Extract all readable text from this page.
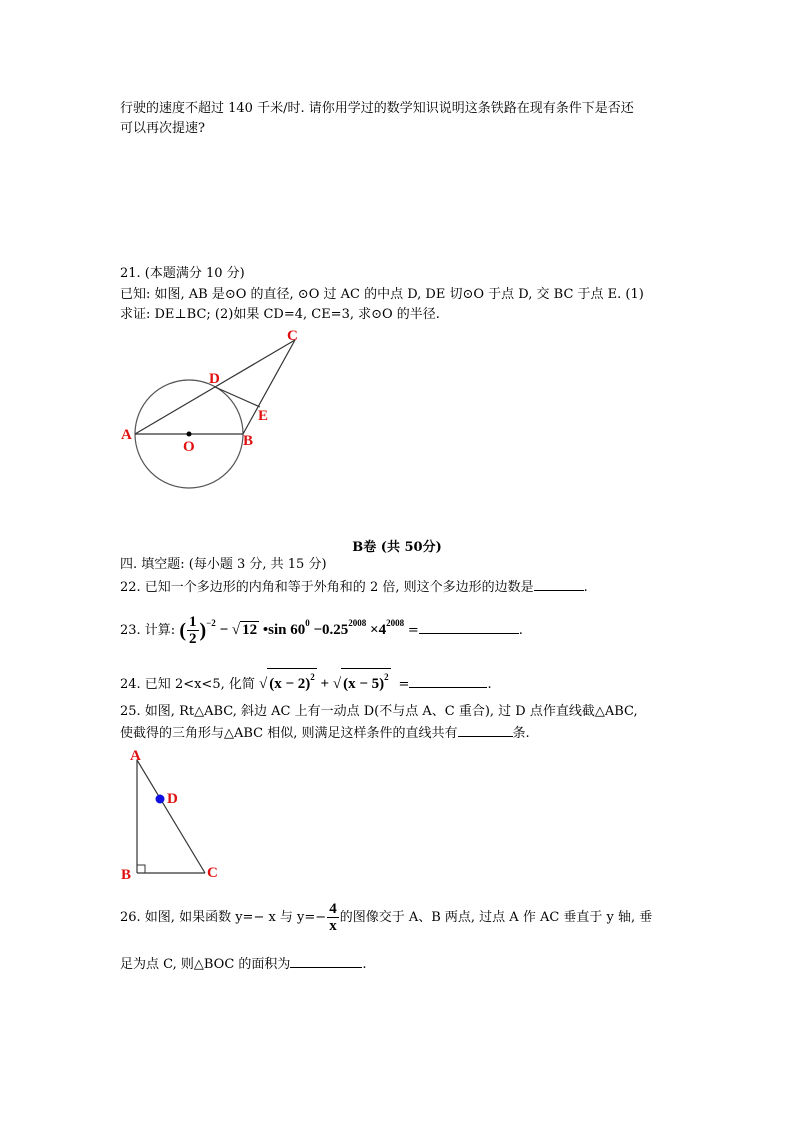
行驶的速度不超过 140 千米/时. 请你用学过的数学知识说明这条铁路在现有条件下是否还
可以再次提速?
21. (本题满分 10 分)
已知: 如图, AB 是⊙O 的直径, ⊙O 过 AC 的中点 D, DE 切⊙O 于点 D, 交 BC 于点 E. (1)
求证: DE⊥BC; (2)如果 CD=4, CE=3, 求⊙O 的半径.
A	B
C
D
E
O
B卷 (共 50分)
四. 填空题: (每小题 3 分, 共 15 分)
22. 已知一个多边形的内角和等于外角和的 2 倍, 则这个多边形的边数是	.
23. 计算: ( $\frac{1}{2} )^{-2}$ − √ 12 •sin $60^0 -0.25^{2008} \times 4^{2008}$ =	.
24. 已知 2<x<5, 化简 √ $(x - 2)^2$ + √ $(x - 5)^2$ =	.
25. 如图, Rt△ABC, 斜边 AC 上有一动点 D(不与点 A、C 重合), 过 D 点作直线截△ABC,
使截得的三角形与△ABC 相似, 则满足这样条件的直线共有	条.
A
D
B	C
26. 如图, 如果函数 y=− x 与 $y=- \frac{4}{x}$ 的图像交于 A、B 两点, 过点 A 作 AC 垂直于 y 轴, 垂
足为点 C, 则△BOC 的面积为	.
